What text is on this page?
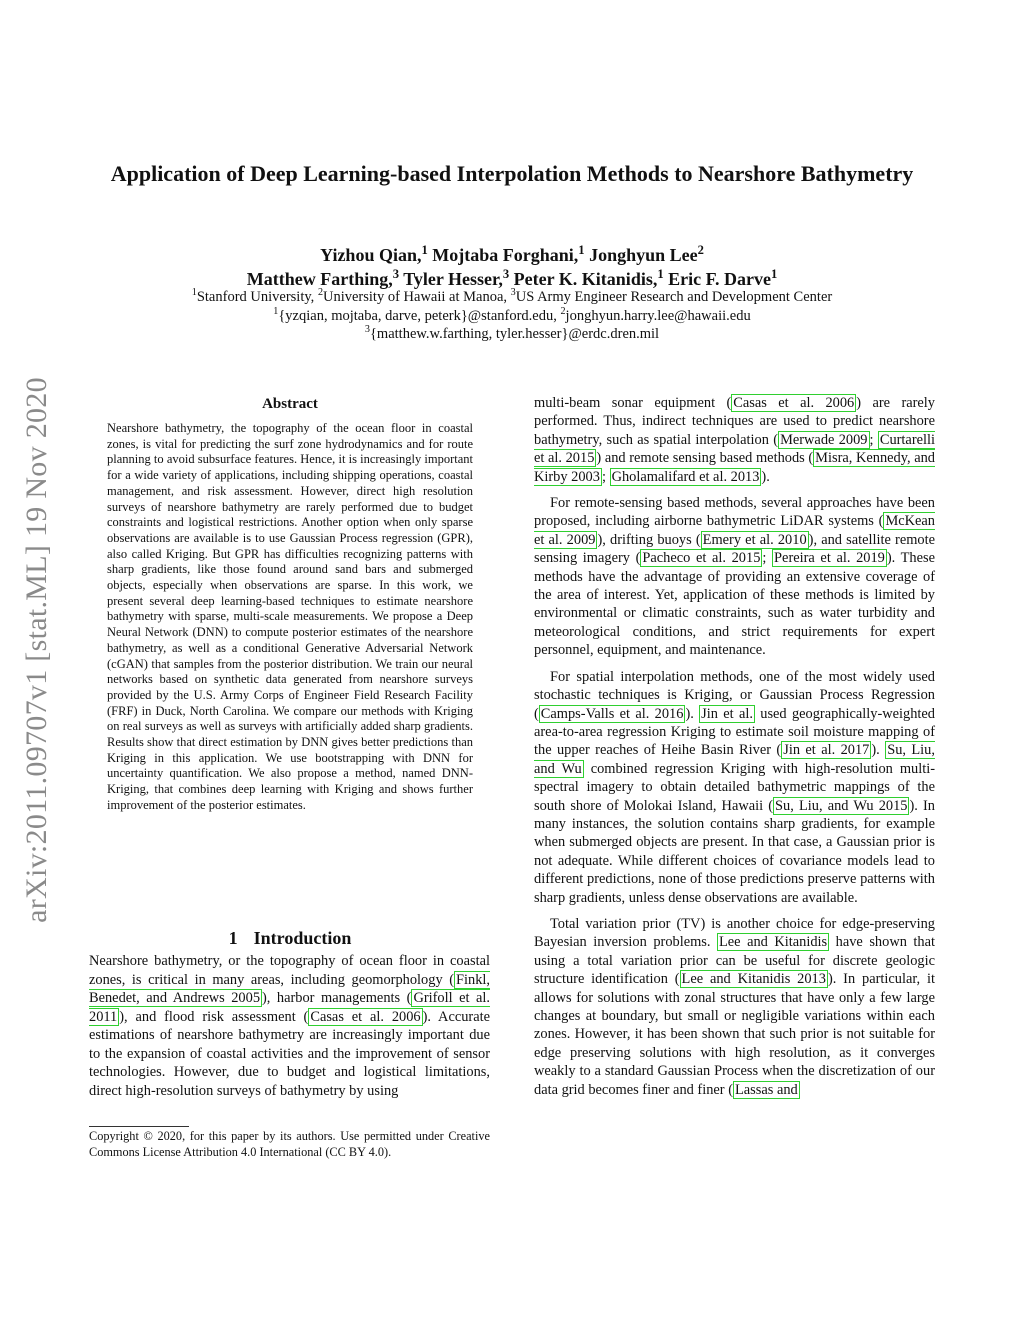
arXiv:2011.09707v1 [stat.ML] 19 Nov 2020
Application of Deep Learning-based Interpolation Methods to Nearshore Bathymetry
Yizhou Qian,$^1$ Mojtaba Forghani,$^1$ Jonghyun Lee$^2$
Matthew Farthing,$^3$ Tyler Hesser,$^3$ Peter K. Kitanidis,$^1$ Eric F. Darve$^1$
$^1$Stanford University, $^2$University of Hawaii at Manoa, $^3$US Army Engineer Research and Development Center
$^1${yzqian, mojtaba, darve, peterk}@stanford.edu, $^2$jonghyun.harry.lee@hawaii.edu
$^3${matthew.w.farthing, tyler.hesser}@erdc.dren.mil
Abstract
Nearshore bathymetry, the topography of the ocean floor in coastal zones, is vital for predicting the surf zone hydrodynamics and for route planning to avoid subsurface features. Hence, it is increasingly important for a wide variety of applications, including shipping operations, coastal management, and risk assessment. However, direct high resolution surveys of nearshore bathymetry are rarely performed due to budget constraints and logistical restrictions. Another option when only sparse observations are available is to use Gaussian Process regression (GPR), also called Kriging. But GPR has difficulties recognizing patterns with sharp gradients, like those found around sand bars and submerged objects, especially when observations are sparse. In this work, we present several deep learning-based techniques to estimate nearshore bathymetry with sparse, multi-scale measurements. We propose a Deep Neural Network (DNN) to compute posterior estimates of the nearshore bathymetry, as well as a conditional Generative Adversarial Network (cGAN) that samples from the posterior distribution. We train our neural networks based on synthetic data generated from nearshore surveys provided by the U.S. Army Corps of Engineer Field Research Facility (FRF) in Duck, North Carolina. We compare our methods with Kriging on real surveys as well as surveys with artificially added sharp gradients. Results show that direct estimation by DNN gives better predictions than Kriging in this application. We use bootstrapping with DNN for uncertainty quantification. We also propose a method, named DNN-Kriging, that combines deep learning with Kriging and shows further improvement of the posterior estimates.
1 Introduction
Nearshore bathymetry, or the topography of ocean floor in coastal zones, is critical in many areas, including geomorphology ( Finkl, Benedet, and Andrews 2005 ), harbor managements ( Grifoll et al. 2011 ), and flood risk assessment ( Casas et al. 2006 ). Accurate estimations of nearshore bathymetry are increasingly important due to the expansion of coastal activities and the improvement of sensor technologies. However, due to budget and logistical limitations, direct high-resolution surveys of bathymetry by using
Copyright © 2020, for this paper by its authors. Use permitted under Creative Commons License Attribution 4.0 International (CC BY 4.0).

multi-beam sonar equipment ( Casas et al. 2006 ) are rarely performed. Thus, indirect techniques are used to predict nearshore bathymetry, such as spatial interpolation ( Merwade 2009 ; Curtarelli et al. 2015 ) and remote sensing based methods ( Misra, Kennedy, and Kirby 2003 ; Gholamalifard et al. 2013 ).

For remote-sensing based methods, several approaches have been proposed, including airborne bathymetric LiDAR systems ( McKean et al. 2009 ), drifting buoys ( Emery et al. 2010 ), and satellite remote sensing imagery ( Pacheco et al. 2015 ; Pereira et al. 2019 ). These methods have the advantage of providing an extensive coverage of the area of interest. Yet, application of these methods is limited by environmental or climatic constraints, such as water turbidity and meteorological conditions, and strict requirements for expert personnel, equipment, and maintenance.

For spatial interpolation methods, one of the most widely used stochastic techniques is Kriging, or Gaussian Process Regression ( Camps-Valls et al. 2016 ). Jin et al. used geographically-weighted area-to-area regression Kriging to estimate soil moisture mapping of the upper reaches of Heihe Basin River ( Jin et al. 2017 ). Su, Liu, and Wu combined regression Kriging with high-resolution multi-spectral imagery to obtain detailed bathymetric mappings of the south shore of Molokai Island, Hawaii ( Su, Liu, and Wu 2015 ). In many instances, the solution contains sharp gradients, for example when submerged objects are present. In that case, a Gaussian prior is not adequate. While different choices of covariance models lead to different predictions, none of those predictions preserve patterns with sharp gradients, unless dense observations are available.

Total variation prior (TV) is another choice for edge-preserving Bayesian inversion problems. Lee and Kitanidis have shown that using a total variation prior can be useful for discrete geologic structure identification ( Lee and Kitanidis 2013 ). In particular, it allows for solutions with zonal structures that have only a few large changes at boundary, but small or negligible variations within each zones. However, it has been shown that such prior is not suitable for edge preserving solutions with high resolution, as it converges weakly to a standard Gaussian Process when the discretization of our data grid becomes finer and finer ( Lassas and
